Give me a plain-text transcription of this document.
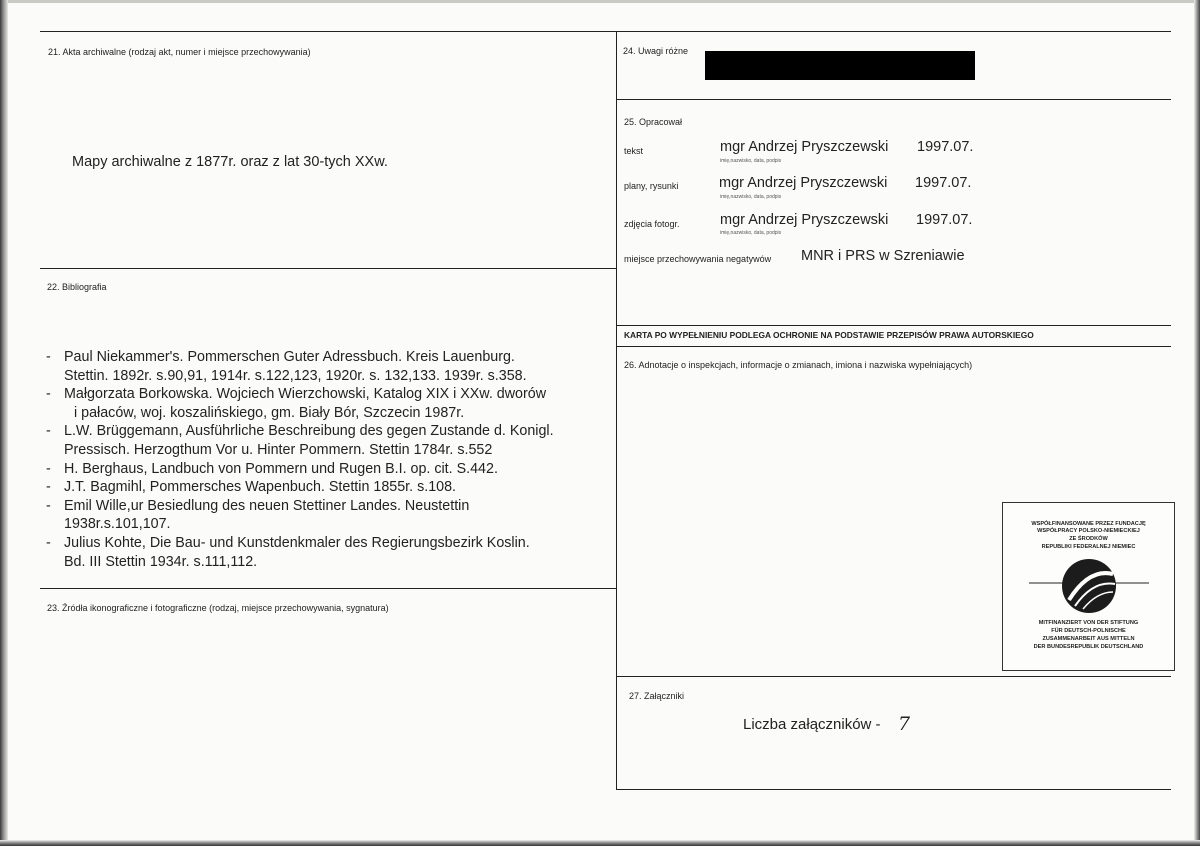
21. Akta archiwalne (rodzaj akt, numer i miejsce przechowywania)
Mapy archiwalne z 1877r. oraz z lat 30-tych XXw.
22. Bibliografia
- Paul Niekammer's. Pommerschen Guter Adressbuch. Kreis Lauenburg.
Stettin. 1892r. s.90,91, 1914r. s.122,123, 1920r. s. 132,133. 1939r. s.358.
- Małgorzata Borkowska. Wojciech Wierzchowski, Katalog XIX i XXw. dworów
i pałaców, woj. koszalińskiego, gm. Biały Bór, Szczecin 1987r.
- L.W. Brüggemann, Ausführliche Beschreibung des gegen Zustande d. Konigl.
Pressisch. Herzogthum Vor u. Hinter Pommern. Stettin 1784r. s.552
- H. Berghaus, Landbuch von Pommern und Rugen B.I. op. cit. S.442.
- J.T. Bagmihl, Pommersches Wapenbuch. Stettin 1855r. s.108.
- Emil Wille,ur Besiedlung des neuen Stettiner Landes. Neustettin
1938r.s.101,107.
- Julius Kohte, Die Bau- und Kunstdenkmaler des Regierungsbezirk Koslin.
Bd. III Stettin 1934r. s.111,112.
23. Źródła ikonograficzne i fotograficzne (rodzaj, miejsce przechowywania, sygnatura)
24. Uwagi różne
25. Opracował
tekst	mgr Andrzej Pryszczewski 1997.07.
imię,nazwisko, data, podpis
plany, rysunki	mgr Andrzej Pryszczewski 1997.07.
imię,nazwisko, data, podpis
zdjęcia fotogr.	mgr Andrzej Pryszczewski 1997.07.
imię,nazwisko, data, podpis
miejsce przechowywania negatywów MNR i PRS w Szreniawie
KARTA PO WYPEŁNIENIU PODLEGA OCHRONIE NA PODSTAWIE PRZEPISÓW PRAWA AUTORSKIEGO
26. Adnotacje o inspekcjach, informacje o zmianach, imiona i nazwiska wypełniających)
WSPÓŁFINANSOWANE PRZEZ FUNDACJĘ
WSPÓŁPRACY POLSKO-NIEMIECKIEJ
ZE ŚRODKÓW
REPUBLIKI FEDERALNEJ NIEMIEC
MITFINANZIERT VON DER STIFTUNG
FÜR DEUTSCH-POLNISCHE
ZUSAMMENARBEIT AUS MITTELN
DER BUNDESREPUBLIK DEUTSCHLAND
27. Załączniki
Liczba załączników - 7
